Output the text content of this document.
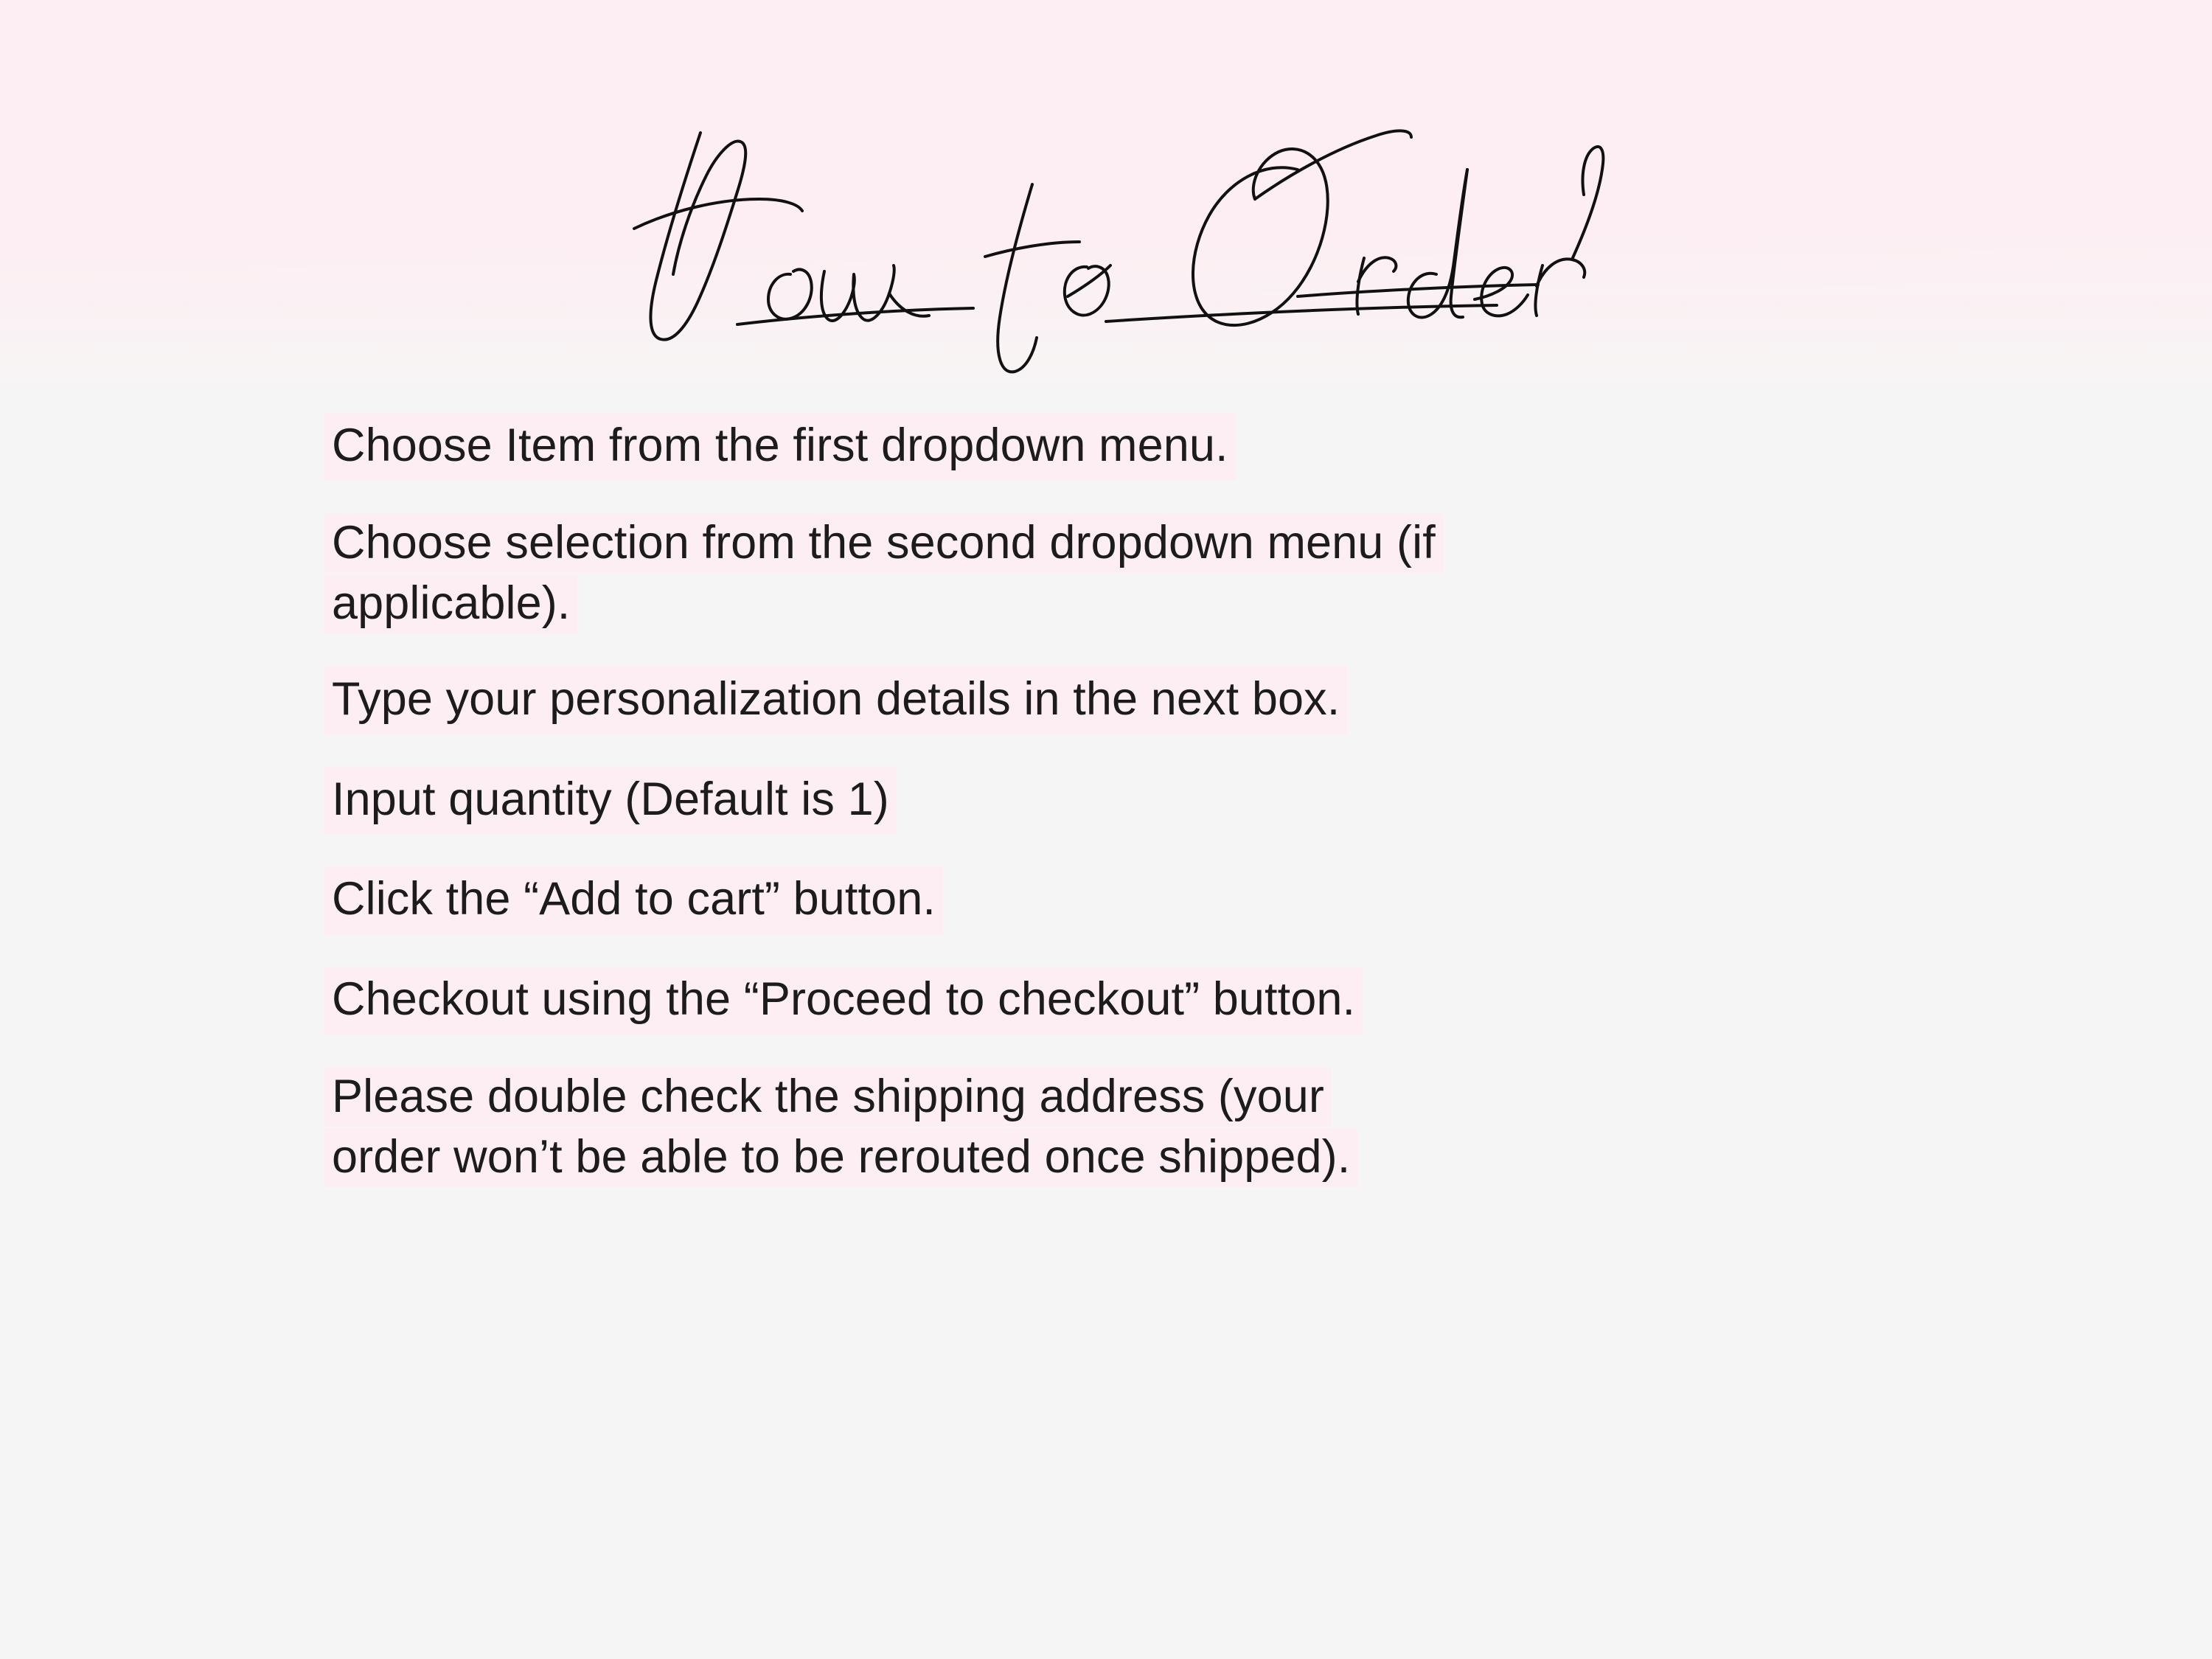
Choose Item from the first dropdown menu.
Choose selection from the second dropdown menu (if
applicable).
Type your personalization details in the next box.
Input quantity (Default is 1)
Click the “Add to cart” button.
Checkout using the “Proceed to checkout” button.
Please double check the shipping address (your
order won’t be able to be rerouted once shipped).
